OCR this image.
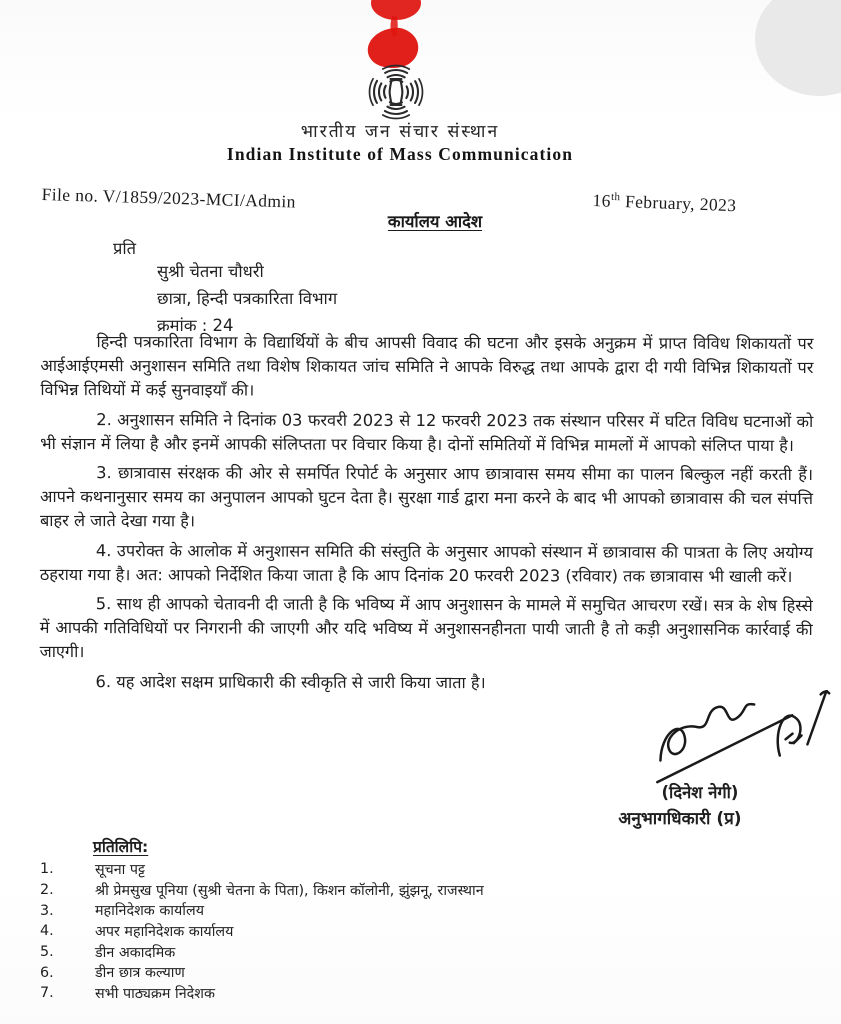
भारतीय जन संचार संस्थान
Indian Institute of Mass Communication
File no. V/1859/2023-MCI/Admin	16th February, 2023
कार्यालय आदेश
प्रति
सुश्री चेतना चौधरी
छात्रा, हिन्दी पत्रकारिता विभाग
क्रमांक : 24

हिन्दी पत्रकारिता विभाग के विद्यार्थियों के बीच आपसी विवाद की घटना और इसके अनुक्रम में प्राप्त विविध शिकायतों पर आईआईएमसी अनुशासन समिति तथा विशेष शिकायत जांच समिति ने आपके विरुद्ध तथा आपके द्वारा दी गयी विभिन्न शिकायतों पर विभिन्न तिथियों में कई सुनवाइयाँ की।

2. अनुशासन समिति ने दिनांक 03 फरवरी 2023 से 12 फरवरी 2023 तक संस्थान परिसर में घटित विविध घटनाओं को भी संज्ञान में लिया है और इनमें आपकी संलिप्तता पर विचार किया है। दोनों समितियों में विभिन्न मामलों में आपको संलिप्त पाया है।

3. छात्रावास संरक्षक की ओर से समर्पित रिपोर्ट के अनुसार आप छात्रावास समय सीमा का पालन बिल्कुल नहीं करती हैं। आपने कथनानुसार समय का अनुपालन आपको घुटन देता है। सुरक्षा गार्ड द्वारा मना करने के बाद भी आपको छात्रावास की चल संपत्ति बाहर ले जाते देखा गया है।

4. उपरोक्त के आलोक में अनुशासन समिति की संस्तुति के अनुसार आपको संस्थान में छात्रावास की पात्रता के लिए अयोग्य ठहराया गया है। अत: आपको निर्देशित किया जाता है कि आप दिनांक 20 फरवरी 2023 (रविवार) तक छात्रावास भी खाली करें।

5. साथ ही आपको चेतावनी दी जाती है कि भविष्य में आप अनुशासन के मामले में समुचित आचरण रखें। सत्र के शेष हिस्से में आपकी गतिविधियों पर निगरानी की जाएगी और यदि भविष्य में अनुशासनहीनता पायी जाती है तो कड़ी अनुशासनिक कार्रवाई की जाएगी।

6. यह आदेश सक्षम प्राधिकारी की स्वीकृति से जारी किया जाता है।

(दिनेश नेगी)
अनुभागधिकारी (प्र)
प्रतिलिपि:
1.	सूचना पट्ट
2.	श्री प्रेमसुख पूनिया (सुश्री चेतना के पिता), किशन कॉलोनी, झुंझनू, राजस्थान
3.	महानिदेशक कार्यालय
4.	अपर महानिदेशक कार्यालय
5.	डीन अकादमिक
6.	डीन छात्र कल्याण
7.	सभी पाठ्यक्रम निदेशक
